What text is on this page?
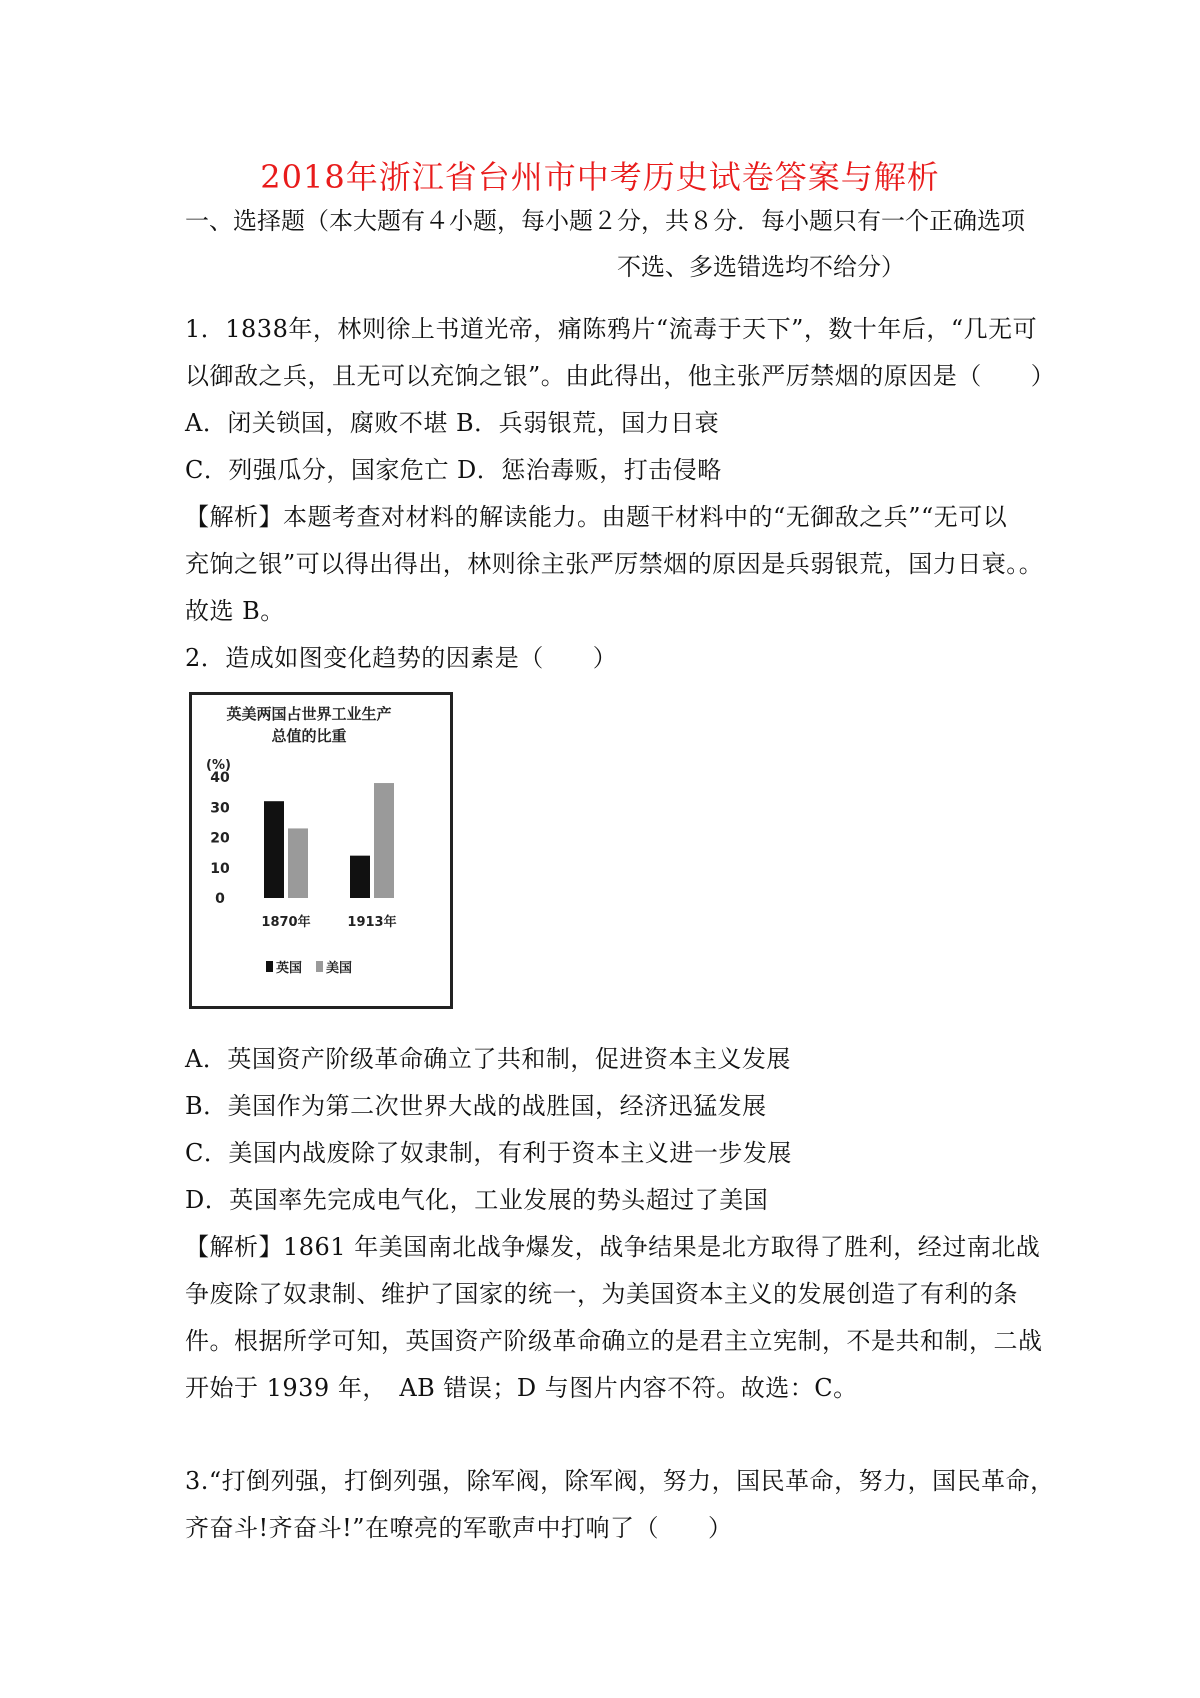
2018年浙江省台州市中考历史试卷答案与解析
一、选择题（本大题有４小题，每小题２分，共８分．每小题只有一个正确选项
不选、多选错选均不给分）
1．1838年，林则徐上书道光帝，痛陈鸦片“流毒于天下”，数十年后，“几无可
以御敌之兵，且无可以充饷之银”。由此得出，他主张严厉禁烟的原因是（　　）
A．闭关锁国，腐败不堪 B．兵弱银荒，国力日衰
C．列强瓜分，国家危亡 D．惩治毒贩，打击侵略
【解析】本题考查对材料的解读能力。由题干材料中的“无御敌之兵”“无可以
充饷之银”可以得出得出，林则徐主张严厉禁烟的原因是兵弱银荒，国力日衰。。
故选 B。
2．造成如图变化趋势的因素是（　　）
英美两国占世界工业生产
总值的比重
(%)
0
10
20
30
40
1870年	1913年
英国 美国
A．英国资产阶级革命确立了共和制，促进资本主义发展
B．美国作为第二次世界大战的战胜国，经济迅猛发展
C．美国内战废除了奴隶制，有利于资本主义进一步发展
D．英国率先完成电气化，工业发展的势头超过了美国
【解析】1861 年美国南北战争爆发，战争结果是北方取得了胜利，经过南北战
争废除了奴隶制、维护了国家的统一，为美国资本主义的发展创造了有利的条
件。根据所学可知，英国资产阶级革命确立的是君主立宪制，不是共和制，二战
开始于 1939 年，　AB 错误；D 与图片内容不符。故选：C。
3.“打倒列强，打倒列强，除军阀，除军阀，努力，国民革命，努力，国民革命，
齐奋斗!齐奋斗!”在嘹亮的军歌声中打响了（　　）
